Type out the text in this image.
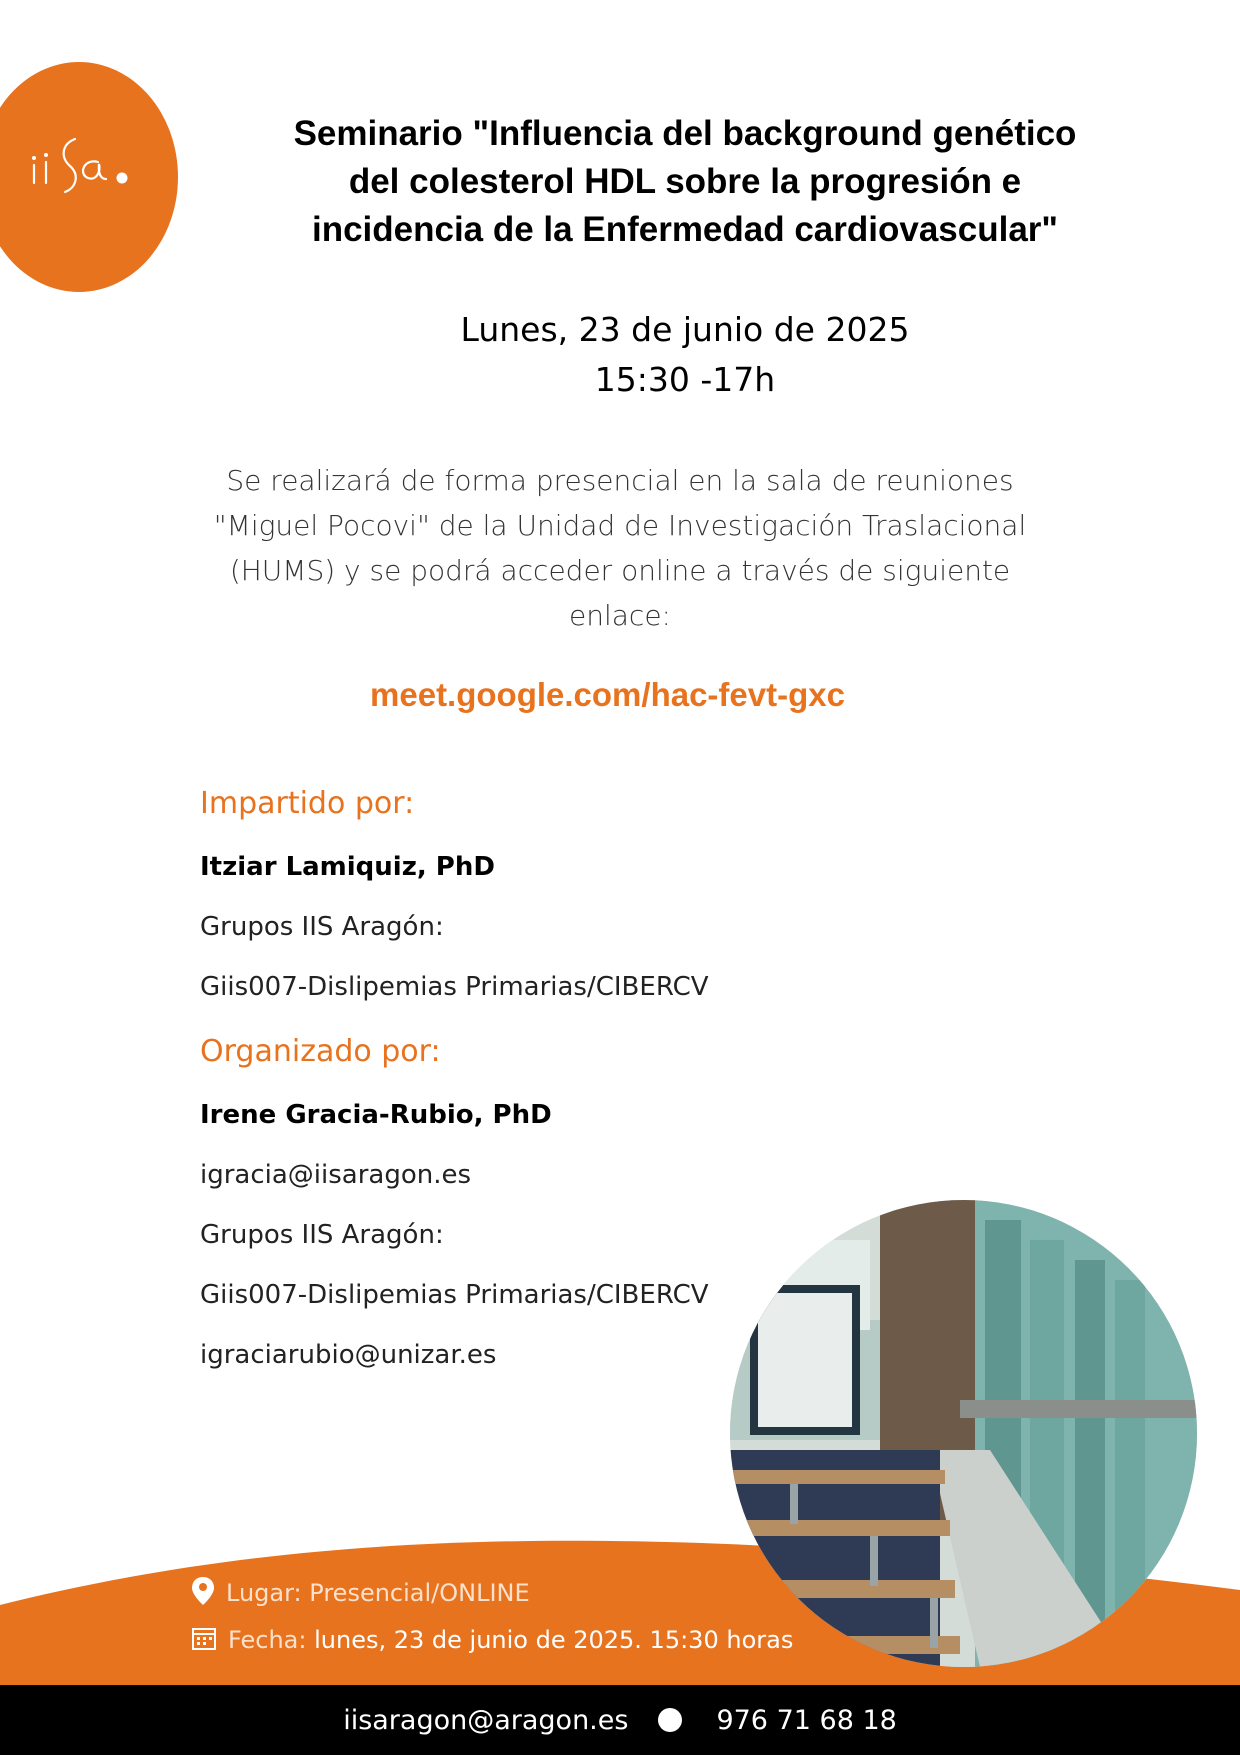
Seminario "Influencia del background genético
del colesterol HDL sobre la progresión e
incidencia de la Enfermedad cardiovascular"
Lunes, 23 de junio de 2025
15:30 -17h
Se realizará de forma presencial en la sala de reuniones
"Miguel Pocovi" de la Unidad de Investigación Traslacional
(HUMS) y se podrá acceder online a través de siguiente
enlace:
meet.google.com/hac-fevt-gxc
Impartido por:
Itziar Lamiquiz, PhD
Grupos IIS Aragón:
Giis007-Dislipemias Primarias/CIBERCV
Organizado por:
Irene Gracia-Rubio, PhD
igracia@iisaragon.es
Grupos IIS Aragón:
Giis007-Dislipemias Primarias/CIBERCV
igraciarubio@unizar.es
Lugar: Presencial/ONLINE
Fecha: lunes, 23 de junio de 2025. 15:30 horas
iisaragon@aragon.es	976 71 68 18
